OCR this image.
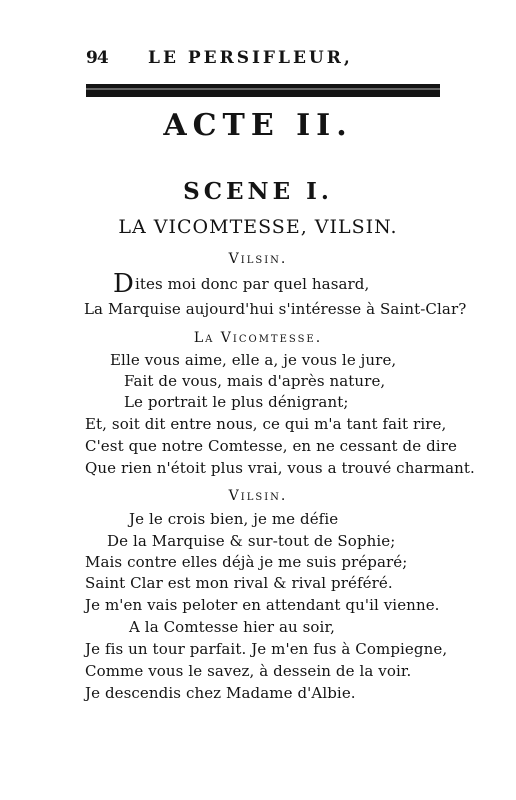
94 LE PERSIFLEUR,
ACTE II.
SCENE I.
LA VICOMTESSE, VILSIN.
Vilsin.
Dites moi donc par quel hasard,
La Marquise aujourd'hui s'intéresse à Saint-Clar?
La Vicomtesse.
Elle vous aime, elle a, je vous le jure,
Fait de vous, mais d'après nature,
Le portrait le plus dénigrant;
Et, soit dit entre nous, ce qui m'a tant fait rire,
C'est que notre Comtesse, en ne cessant de dire
Que rien n'étoit plus vrai, vous a trouvé charmant.
Vilsin.
Je le crois bien, je me défie
De la Marquise & sur-tout de Sophie;
Mais contre elles déjà je me suis préparé;
Saint Clar est mon rival & rival préféré.
Je m'en vais peloter en attendant qu'il vienne.
A la Comtesse hier au soir,
Je fis un tour parfait. Je m'en fus à Compiegne,
Comme vous le savez, à dessein de la voir.
Je descendis chez Madame d'Albie.
